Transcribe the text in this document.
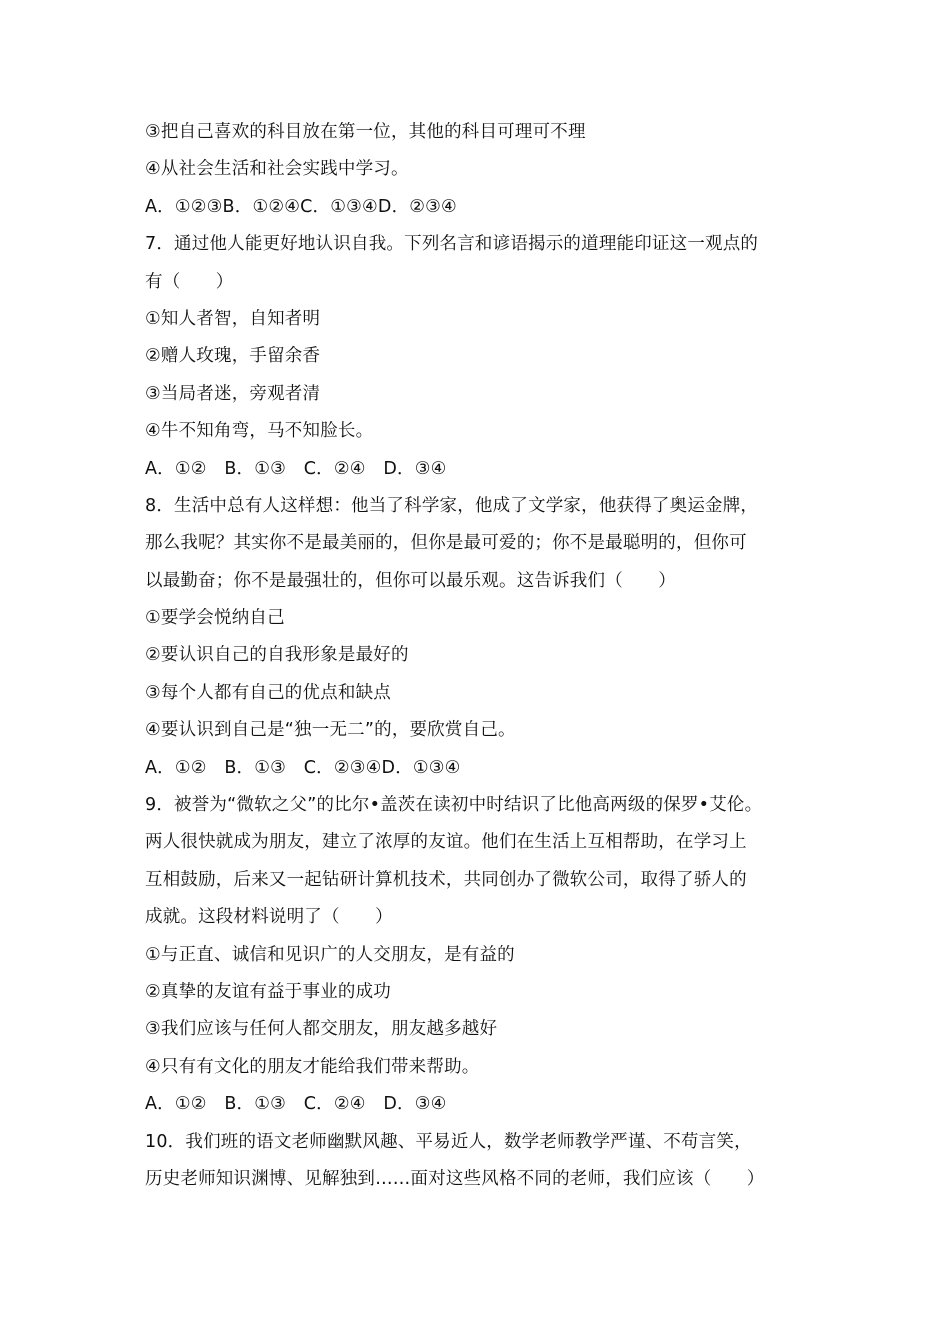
③把自己喜欢的科目放在第一位，其他的科目可理可不理
④从社会生活和社会实践中学习。
A．①②③B．①②④C．①③④D．②③④
7．通过他人能更好地认识自我。下列名言和谚语揭示的道理能印证这一观点的
有（　　）
①知人者智，自知者明
②赠人玫瑰，手留余香
③当局者迷，旁观者清
④牛不知角弯，马不知脸长。
A．①②　B．①③　C．②④　D．③④
8．生活中总有人这样想：他当了科学家，他成了文学家，他获得了奥运金牌，
那么我呢？其实你不是最美丽的，但你是最可爱的；你不是最聪明的，但你可
以最勤奋；你不是最强壮的，但你可以最乐观。这告诉我们（　　）
①要学会悦纳自己
②要认识自己的自我形象是最好的
③每个人都有自己的优点和缺点
④要认识到自己是“独一无二”的，要欣赏自己。
A．①②　B．①③　C．②③④D．①③④
9．被誉为“微软之父”的比尔•盖茨在读初中时结识了比他高两级的保罗•艾伦。
两人很快就成为朋友，建立了浓厚的友谊。他们在生活上互相帮助，在学习上
互相鼓励，后来又一起钻研计算机技术，共同创办了微软公司，取得了骄人的
成就。这段材料说明了（　　）
①与正直、诚信和见识广的人交朋友，是有益的
②真挚的友谊有益于事业的成功
③我们应该与任何人都交朋友，朋友越多越好
④只有有文化的朋友才能给我们带来帮助。
A．①②　B．①③　C．②④　D．③④
10．我们班的语文老师幽默风趣、平易近人，数学老师教学严谨、不苟言笑，
历史老师知识渊博、见解独到……面对这些风格不同的老师，我们应该（　　）
